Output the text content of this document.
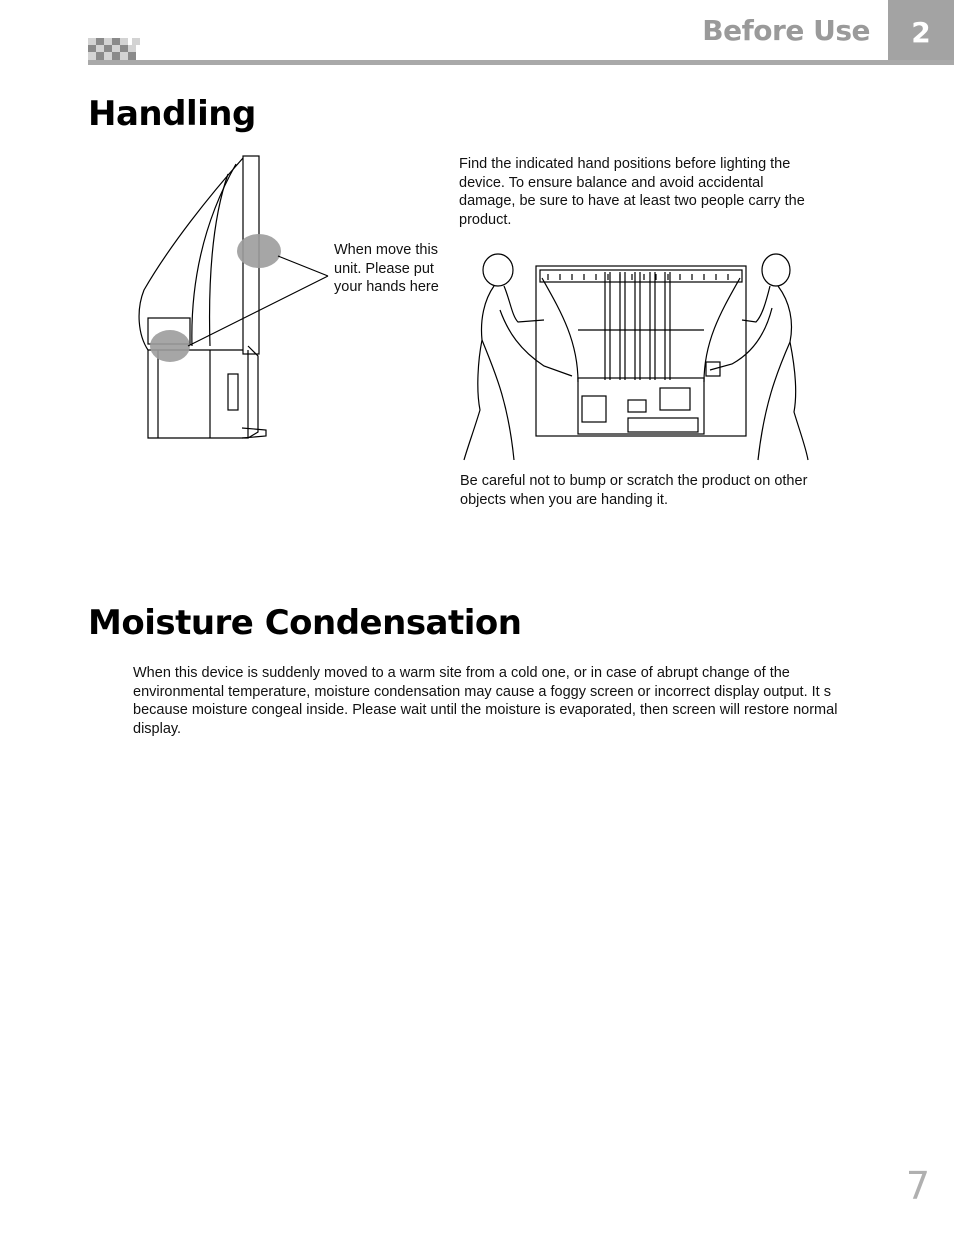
Before Use 2
Handling

When move this unit. Please put your hands here

Find the indicated hand positions before lighting the device. To ensure balance and avoid accidental damage, be sure to have at least two people carry the product.

Be careful not to bump or scratch the product on other objects when you are handing it.

Moisture Condensation

When this device is suddenly moved to a warm site from a cold one, or in case of abrupt change of the environmental temperature, moisture condensation may cause a foggy screen or incorrect display output. It s because moisture congeal inside. Please wait until the moisture is evaporated, then screen will restore normal display.

7
